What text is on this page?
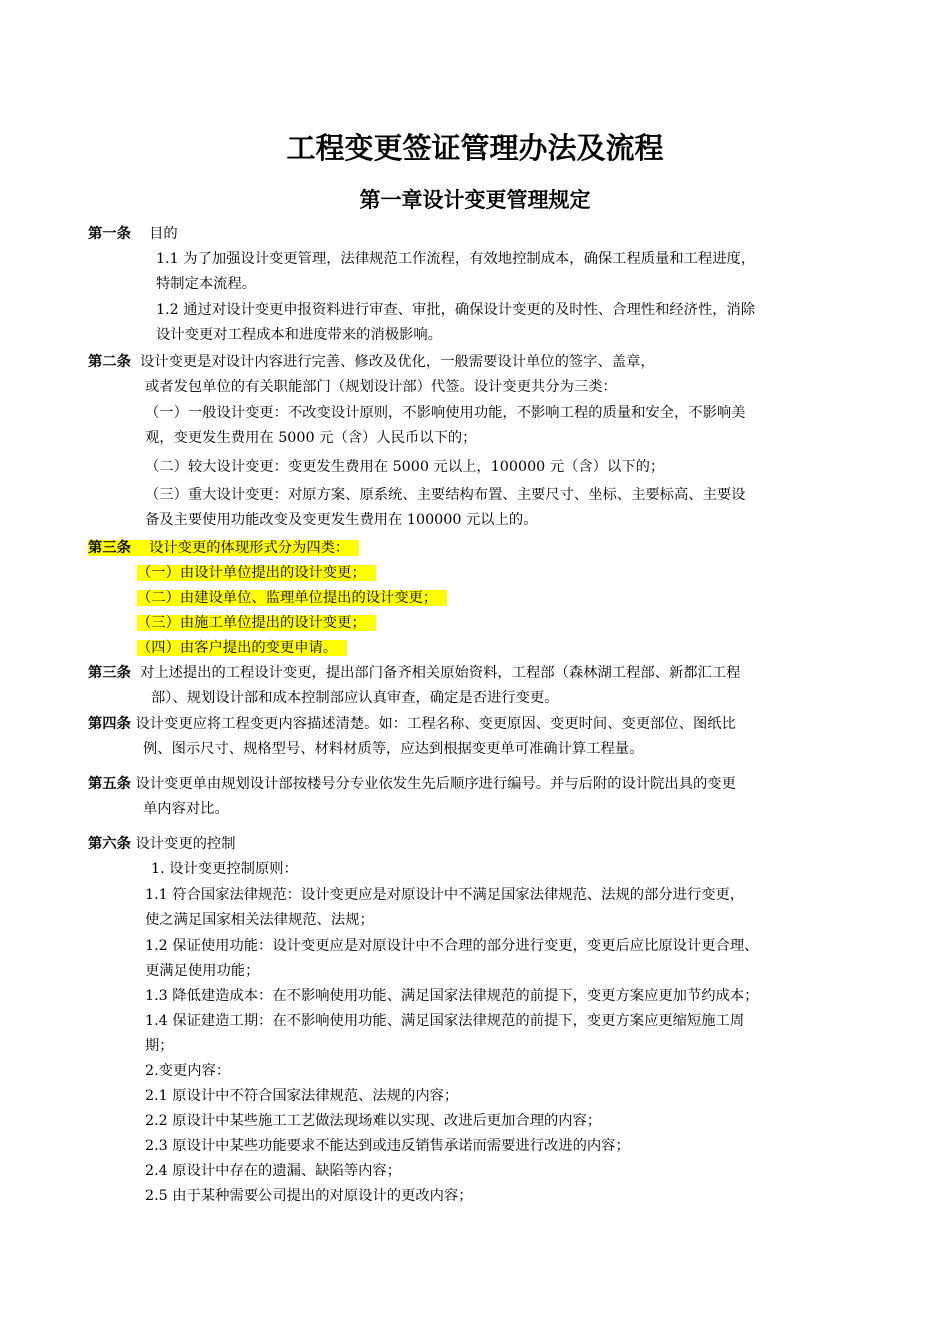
工程变更签证管理办法及流程
第一章设计变更管理规定
第一条 目的
1.1 为了加强设计变更管理，法律规范工作流程，有效地控制成本，确保工程质量和工程进度，
特制定本流程。
1.2 通过对设计变更申报资料进行审查、审批，确保设计变更的及时性、合理性和经济性，消除
设计变更对工程成本和进度带来的消极影响。
第二条 设计变更是对设计内容进行完善、修改及优化，一般需要设计单位的签字、盖章，
或者发包单位的有关职能部门（规划设计部）代签。设计变更共分为三类：
（一）一般设计变更：不改变设计原则，不影响使用功能，不影响工程的质量和安全，不影响美
观，变更发生费用在 5000 元（含）人民币以下的；
（二）较大设计变更：变更发生费用在 5000 元以上，100000 元（含）以下的；
（三）重大设计变更：对原方案、原系统、主要结构布置、主要尺寸、坐标、主要标高、主要设
备及主要使用功能改变及变更发生费用在 100000 元以上的。
第三条 设计变更的体现形式分为四类：
（一）由设计单位提出的设计变更；
（二）由建设单位、监理单位提出的设计变更；
（三）由施工单位提出的设计变更；
（四）由客户提出的变更申请。
第三条 对上述提出的工程设计变更，提出部门备齐相关原始资料，工程部（森林湖工程部、新都汇工程
部）、规划设计部和成本控制部应认真审查，确定是否进行变更。
第四条 设计变更应将工程变更内容描述清楚。如：工程名称、变更原因、变更时间、变更部位、图纸比
例、图示尺寸、规格型号、材料材质等，应达到根据变更单可准确计算工程量。
第五条 设计变更单由规划设计部按楼号分专业依发生先后顺序进行编号。并与后附的设计院出具的变更
单内容对比。
第六条 设计变更的控制
1. 设计变更控制原则：
1.1 符合国家法律规范：设计变更应是对原设计中不满足国家法律规范、法规的部分进行变更，
使之满足国家相关法律规范、法规；
1.2 保证使用功能：设计变更应是对原设计中不合理的部分进行变更，变更后应比原设计更合理、
更满足使用功能；
1.3 降低建造成本：在不影响使用功能、满足国家法律规范的前提下，变更方案应更加节约成本；
1.4 保证建造工期：在不影响使用功能、满足国家法律规范的前提下，变更方案应更缩短施工周
期；
2.变更内容：
2.1 原设计中不符合国家法律规范、法规的内容；
2.2 原设计中某些施工工艺做法现场难以实现、改进后更加合理的内容；
2.3 原设计中某些功能要求不能达到或违反销售承诺而需要进行改进的内容；
2.4 原设计中存在的遗漏、缺陷等内容；
2.5 由于某种需要公司提出的对原设计的更改内容；
